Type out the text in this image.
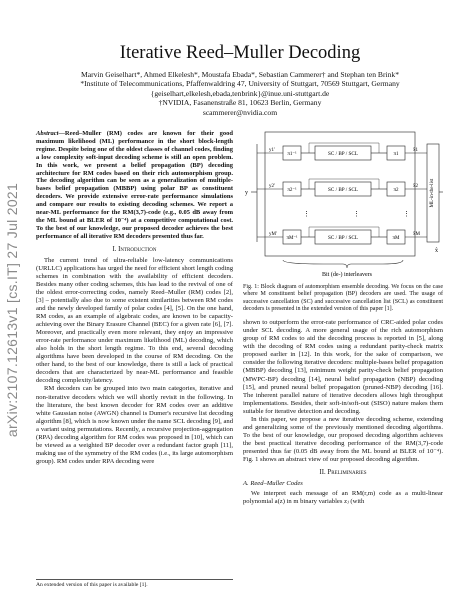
Iterative Reed–Muller Decoding
Marvin Geiselhart*, Ahmed Elkelesh*, Moustafa Ebada*, Sebastian Cammerer† and Stephan ten Brink*
*Institute of Telecommunications, Pfaffenwaldring 47, University of Stuttgart, 70569 Stuttgart, Germany
{geiselhart,elkelesh,ebada,tenbrink}@inue.uni-stuttgart.de
†NVIDIA, Fasanenstraße 81, 10623 Berlin, Germany
scammerer@nvidia.com
arXiv:2107.12613v1 [cs.IT] 27 Jul 2021

Abstract—Reed–Muller (RM) codes are known for their good maximum likelihood (ML) performance in the short block-length regime. Despite being one of the oldest classes of channel codes, finding a low complexity soft-input decoding scheme is still an open problem. In this work, we present a belief propagation (BP) decoding architecture for RM codes based on their rich automorphism group. The decoding algorithm can be seen as a generalization of multiple-bases belief propagation (MBBP) using polar BP as constituent decoders. We provide extensive error-rate performance simulations and compare our results to existing decoding schemes. We report a near-ML performance for the RM(3,7)-code (e.g., 0.05 dB away from the ML bound at BLER of 10⁻⁴) at a competitive computational cost. To the best of our knowledge, our proposed decoder achieves the best performance of all iterative RM decoders presented thus far.

I. Introduction

The current trend of ultra-reliable low-latency communications (URLLC) applications has urged the need for efficient short length coding schemes in combination with the availability of efficient decoders. Besides many other coding schemes, this has lead to the revival of one of the oldest error-correcting codes, namely Reed–Muller (RM) codes [2], [3] – potentially also due to some existent similarities between RM codes and the newly developed family of polar codes [4], [5]. On the one hand, RM codes, as an example of algebraic codes, are known to be capacity-achieving over the Binary Erasure Channel (BEC) for a given rate [6], [7]. Moreover, and practically even more relevant, they enjoy an impressive error-rate performance under maximum likelihood (ML) decoding, which also holds in the short length regime. To this end, several decoding algorithms have been developed in the course of RM decoding. On the other hand, to the best of our knowledge, there is still a lack of practical decoders that are characterized by near-ML performance and feasible decoding complexity/latency.

RM decoders can be grouped into two main categories, iterative and non-iterative decoders which we will shortly revisit in the following. In the literature, the best known decoder for RM codes over an additive white Gaussian noise (AWGN) channel is Dumer's recursive list decoding algorithm [8], which is now known under the name SCL decoding [9], and a variant using permutations. Recently, a recursive projection-aggregation (RPA) decoding algorithm for RM codes was proposed in [10], which can be viewed as a weighted BP decoder over a redundant factor graph [11], making use of the symmetry of the RM codes (i.e., its large automorphism group). RM codes under RPA decoding were

An extended version of this paper is available [1].
y	ML-in-the-list
x̂
y1'
π1⁻¹	SC / BP / SCL	π1
x̂1
y2'
π2⁻¹	SC / BP / SCL	π2
x̂2
yM'
πM⁻¹	SC / BP / SCL	πM
x̂M
⋮	⋮	⋮
Bit (de-) interleavers
Fig. 1: Block diagram of automorphism ensemble decoding. We focus on the case where M constituent belief propagation (BP) decoders are used. The usage of successive cancellation (SC) and successive cancellation list (SCL) as constituent decoders is presented in the extended version of this paper [1].

shown to outperform the error-rate performance of CRC-aided polar codes under SCL decoding. A more general usage of the rich automorphism group of RM codes to aid the decoding process is reported in [5], along with the decoding of RM codes using a redundant parity-check matrix proposed earlier in [12]. In this work, for the sake of comparison, we consider the following iterative decoders: multiple-bases belief propagation (MBBP) decoding [13], minimum weight parity-check belief propagation (MWPC-BP) decoding [14], neural belief propagation (NBP) decoding [15], and pruned neural belief propagation (pruned-NBP) decoding [16]. The inherent parallel nature of iterative decoders allows high throughput implementations. Besides, their soft-in/soft-out (SISO) nature makes them suitable for iterative detection and decoding.

In this paper, we propose a new iterative decoding scheme, extending and generalizing some of the previously mentioned decoding algorithms. To the best of our knowledge, our proposed decoding algorithm achieves the best practical iterative decoding performance of the RM(3,7)-code presented thus far (0.05 dB away from the ML bound at BLER of 10⁻⁴). Fig. 1 shows an abstract view of our proposed decoding algorithm.

II. Preliminaries
A. Reed–Muller Codes

We interpret each message of an RM(r,m) code as a multi-linear polynomial a(z) in m binary variables zⱼ (with
